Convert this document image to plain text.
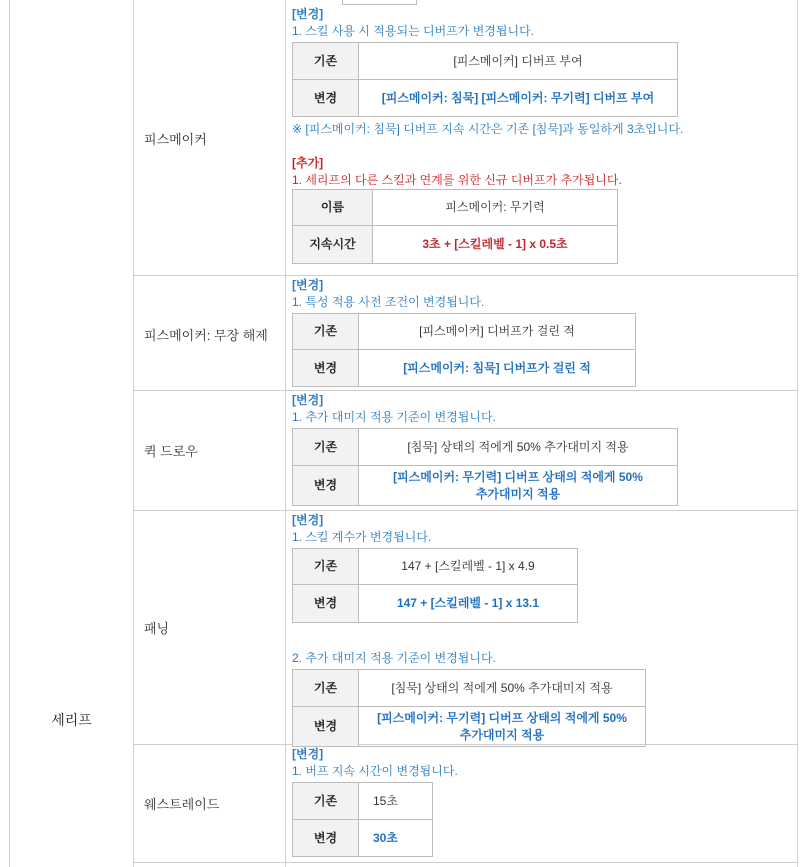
세리프
피스메이커
[변경]
1. 스킬 사용 시 적용되는 디버프가 변경됩니다.
기존	[피스메이커] 디버프 부여
변경	[피스메이커: 침묵] [피스메이커: 무기력] 디버프 부여
※ [피스메이커: 침묵] 디버프 지속 시간은 기존 [침묵]과 동일하게 3초입니다.
[추가]
1. 세리프의 다른 스킬과 연계를 위한 신규 디버프가 추가됩니다.
이름	피스메이커: 무기력
지속시간	3초 + [스킬레벨 - 1] x 0.5초
피스메이커: 무장 해제
[변경]
1. 특성 적용 사전 조건이 변경됩니다.
기존	[피스메이커] 디버프가 걸린 적
변경	[피스메이커: 침묵] 디버프가 걸린 적
퀵 드로우
[변경]
1. 추가 대미지 적용 기준이 변경됩니다.
기존	[침묵] 상태의 적에게 50% 추가대미지 적용
변경	[피스메이커: 무기력] 디버프 상태의 적에게 50%
추가대미지 적용
패닝
[변경]
1. 스킬 계수가 변경됩니다.
기존	147 + [스킬레벨 - 1] x 4.9
변경	147 + [스킬레벨 - 1] x 13.1
2. 추가 대미지 적용 기준이 변경됩니다.
기존	[침묵] 상태의 적에게 50% 추가대미지 적용
변경	[피스메이커: 무기력] 디버프 상태의 적에게 50%
추가대미지 적용
웨스트레이드
[변경]
1. 버프 지속 시간이 변경됩니다.
기존	15초
변경	30초
